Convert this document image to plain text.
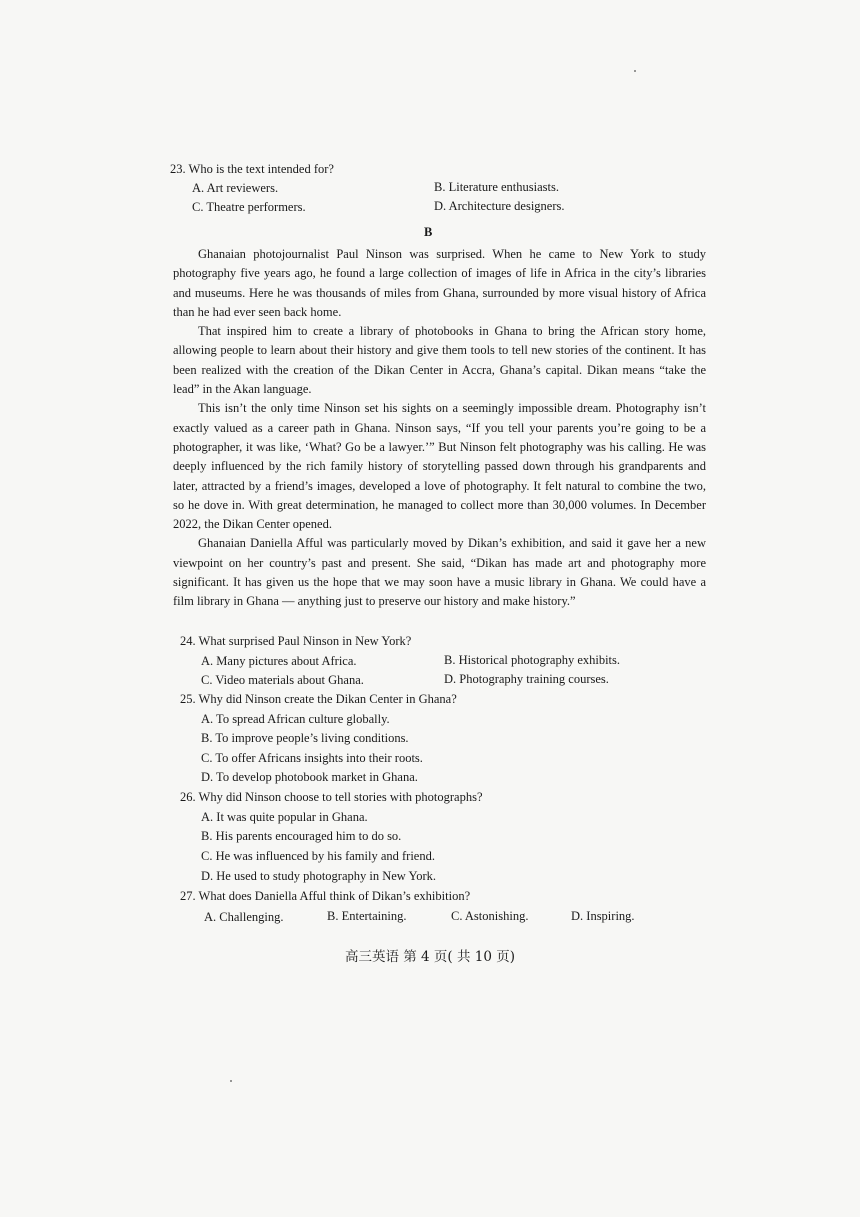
23. Who is the text intended for?
A. Art reviewers.	B. Literature enthusiasts.
C. Theatre performers.	D. Architecture designers.
B

Ghanaian photojournalist Paul Ninson was surprised. When he came to New York to study photography five years ago, he found a large collection of images of life in Africa in the city’s libraries and museums. Here he was thousands of miles from Ghana, surrounded by more visual history of Africa than he had ever seen back home.

That inspired him to create a library of photobooks in Ghana to bring the African story home, allowing people to learn about their history and give them tools to tell new stories of the continent. It has been realized with the creation of the Dikan Center in Accra, Ghana’s capital. Dikan means “take the lead” in the Akan language.

This isn’t the only time Ninson set his sights on a seemingly impossible dream. Photography isn’t exactly valued as a career path in Ghana. Ninson says, “If you tell your parents you’re going to be a photographer, it was like, ‘What? Go be a lawyer.’” But Ninson felt photography was his calling. He was deeply influenced by the rich family history of storytelling passed down through his grandparents and later, attracted by a friend’s images, developed a love of photography. It felt natural to combine the two, so he dove in. With great determination, he managed to collect more than 30,000 volumes. In December 2022, the Dikan Center opened.

Ghanaian Daniella Afful was particularly moved by Dikan’s exhibition, and said it gave her a new viewpoint on her country’s past and present. She said, “Dikan has made art and photography more significant. It has given us the hope that we may soon have a music library in Ghana. We could have a film library in Ghana — anything just to preserve our history and make history.”

24. What surprised Paul Ninson in New York?
A. Many pictures about Africa.	B. Historical photography exhibits.
C. Video materials about Ghana.	D. Photography training courses.
25. Why did Ninson create the Dikan Center in Ghana?
A. To spread African culture globally.
B. To improve people’s living conditions.
C. To offer Africans insights into their roots.
D. To develop photobook market in Ghana.
26. Why did Ninson choose to tell stories with photographs?
A. It was quite popular in Ghana.
B. His parents encouraged him to do so.
C. He was influenced by his family and friend.
D. He used to study photography in New York.
27. What does Daniella Afful think of Dikan’s exhibition?
A. Challenging.	B. Entertaining.	C. Astonishing.	D. Inspiring.
高三英语 第 4 页( 共 10 页)
